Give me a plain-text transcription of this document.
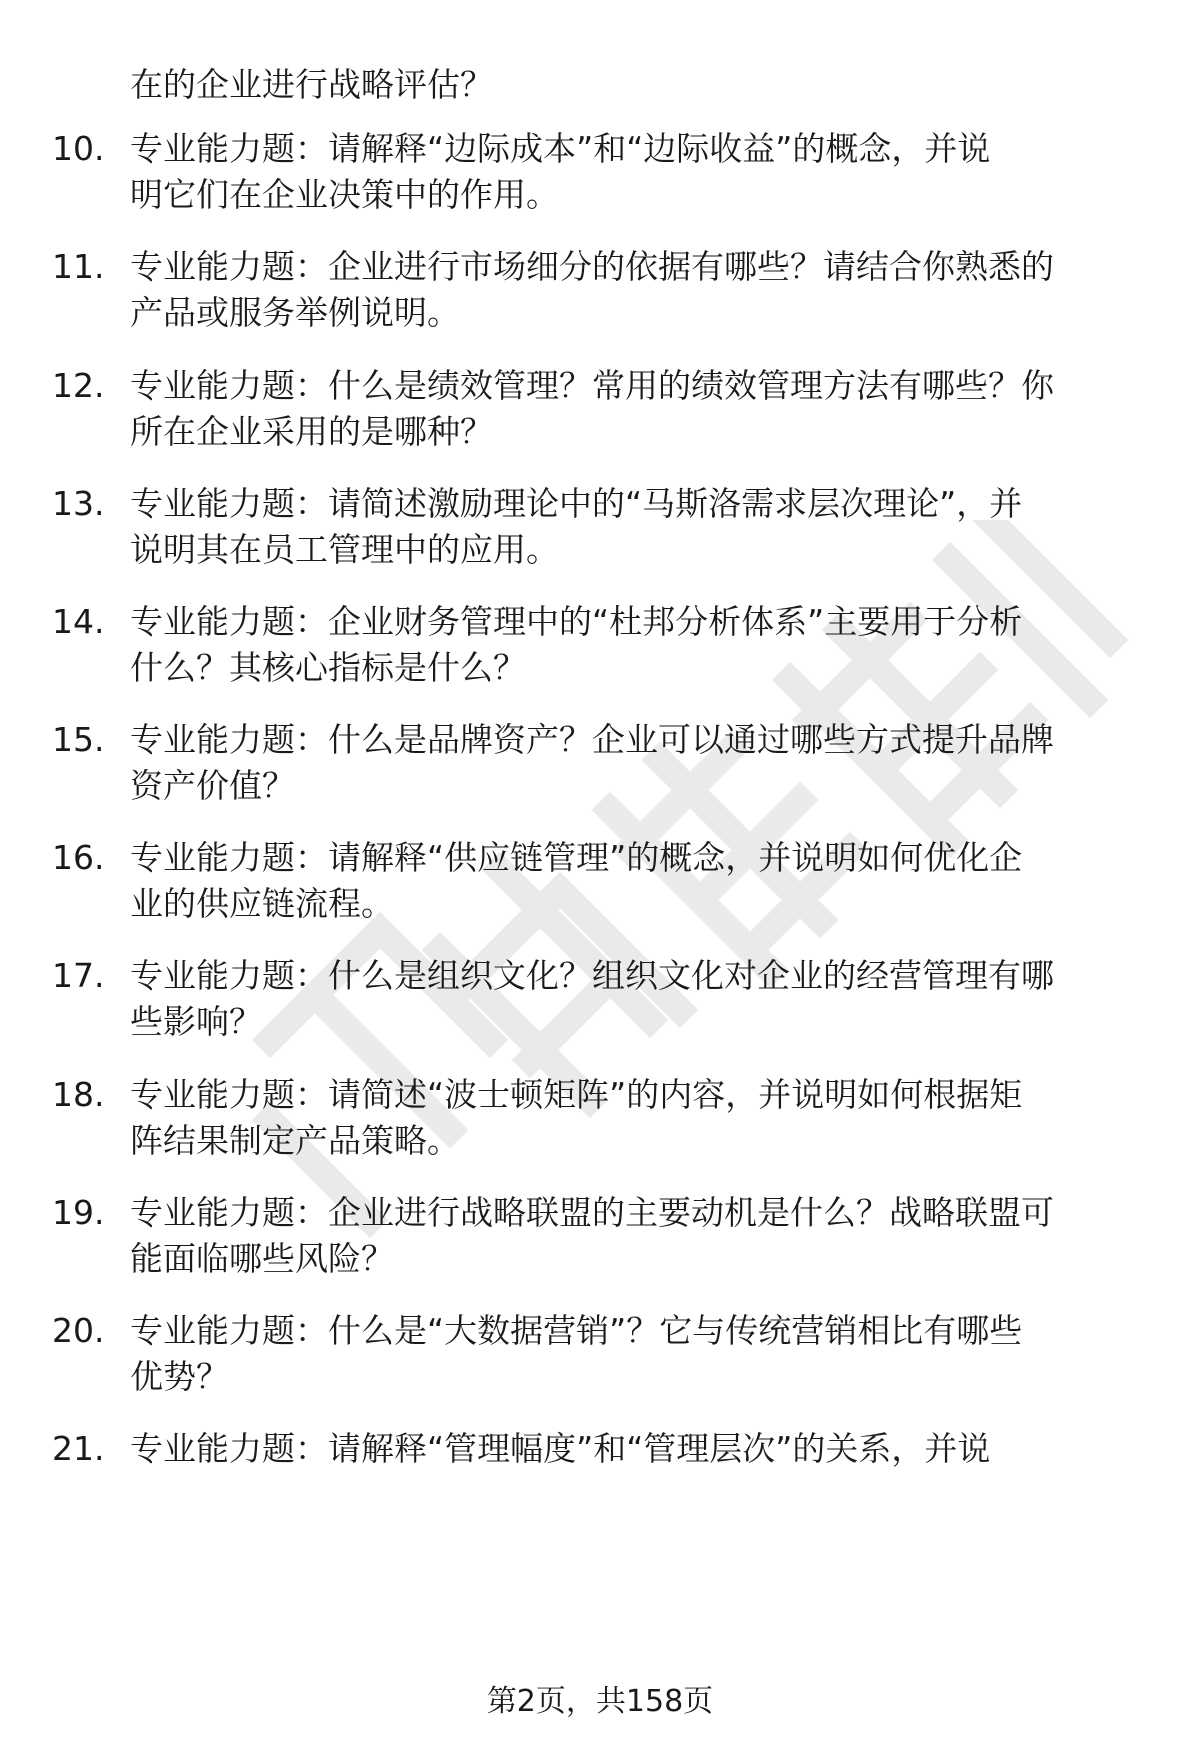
在的企业进行战略评估？
10. 专业能力题：请解释“边际成本”和“边际收益”的概念，并说
明它们在企业决策中的作用。
11. 专业能力题：企业进行市场细分的依据有哪些？请结合你熟悉的
产品或服务举例说明。
12. 专业能力题：什么是绩效管理？常用的绩效管理方法有哪些？你
所在企业采用的是哪种？
13. 专业能力题：请简述激励理论中的“马斯洛需求层次理论”，并
说明其在员工管理中的应用。
14. 专业能力题：企业财务管理中的“杜邦分析体系”主要用于分析
什么？其核心指标是什么？
15. 专业能力题：什么是品牌资产？企业可以通过哪些方式提升品牌
资产价值？
16. 专业能力题：请解释“供应链管理”的概念，并说明如何优化企
业的供应链流程。
17. 专业能力题：什么是组织文化？组织文化对企业的经营管理有哪
些影响？
18. 专业能力题：请简述“波士顿矩阵”的内容，并说明如何根据矩
阵结果制定产品策略。
19. 专业能力题：企业进行战略联盟的主要动机是什么？战略联盟可
能面临哪些风险？
20. 专业能力题：什么是“大数据营销”？它与传统营销相比有哪些
优势？
21. 专业能力题：请解释“管理幅度”和“管理层次”的关系，并说
第2页，共158页
